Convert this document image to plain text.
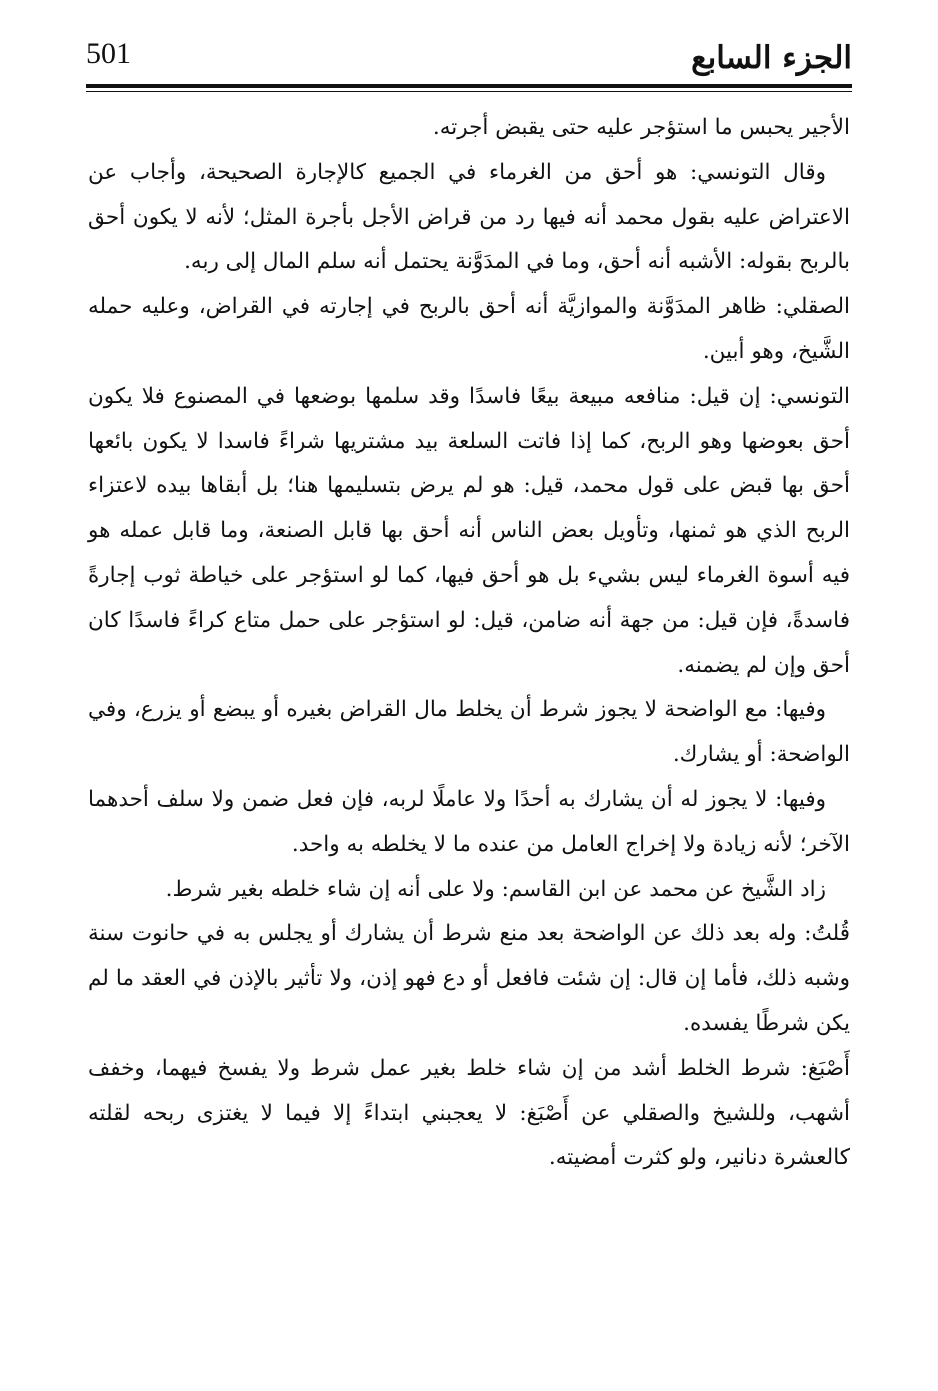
الجزء السابع
501

الأجير يحبس ما استؤجر عليه حتى يقبض أجرته.

وقال التونسي: هو أحق من الغرماء في الجميع كالإجارة الصحيحة، وأجاب عن الاعتراض عليه بقول محمد أنه فيها رد من قراض الأجل بأجرة المثل؛ لأنه لا يكون أحق بالربح بقوله: الأشبه أنه أحق، وما في المدَوَّنة يحتمل أنه سلم المال إلى ربه.

الصقلي: ظاهر المدَوَّنة والموازيَّة أنه أحق بالربح في إجارته في القراض، وعليه حمله الشَّيخ، وهو أبين.

التونسي: إن قيل: منافعه مبيعة بيعًا فاسدًا وقد سلمها بوضعها في المصنوع فلا يكون أحق بعوضها وهو الربح، كما إذا فاتت السلعة بيد مشتريها شراءً فاسدا لا يكون بائعها أحق بها قبض على قول محمد، قيل: هو لم يرض بتسليمها هنا؛ بل أبقاها بيده لاعتزاء الربح الذي هو ثمنها، وتأويل بعض الناس أنه أحق بها قابل الصنعة، وما قابل عمله هو فيه أسوة الغرماء ليس بشيء بل هو أحق فيها، كما لو استؤجر على خياطة ثوب إجارةً فاسدةً، فإن قيل: من جهة أنه ضامن، قيل: لو استؤجر على حمل متاع كراءً فاسدًا كان أحق وإن لم يضمنه.

وفيها: مع الواضحة لا يجوز شرط أن يخلط مال القراض بغيره أو يبضع أو يزرع، وفي الواضحة: أو يشارك.

وفيها: لا يجوز له أن يشارك به أحدًا ولا عاملًا لربه، فإن فعل ضمن ولا سلف أحدهما الآخر؛ لأنه زيادة ولا إخراج العامل من عنده ما لا يخلطه به واحد.

زاد الشَّيخ عن محمد عن ابن القاسم: ولا على أنه إن شاء خلطه بغير شرط.

قُلتُ: وله بعد ذلك عن الواضحة بعد منع شرط أن يشارك أو يجلس به في حانوت سنة وشبه ذلك، فأما إن قال: إن شئت فافعل أو دع فهو إذن، ولا تأثير بالإذن في العقد ما لم يكن شرطًا يفسده.

أَصْبَغ: شرط الخلط أشد من إن شاء خلط بغير عمل شرط ولا يفسخ فيهما، وخفف أشهب، وللشيخ والصقلي عن أَصْبَغ: لا يعجبني ابتداءً إلا فيما لا يغتزى ربحه لقلته كالعشرة دنانير، ولو كثرت أمضيته.
